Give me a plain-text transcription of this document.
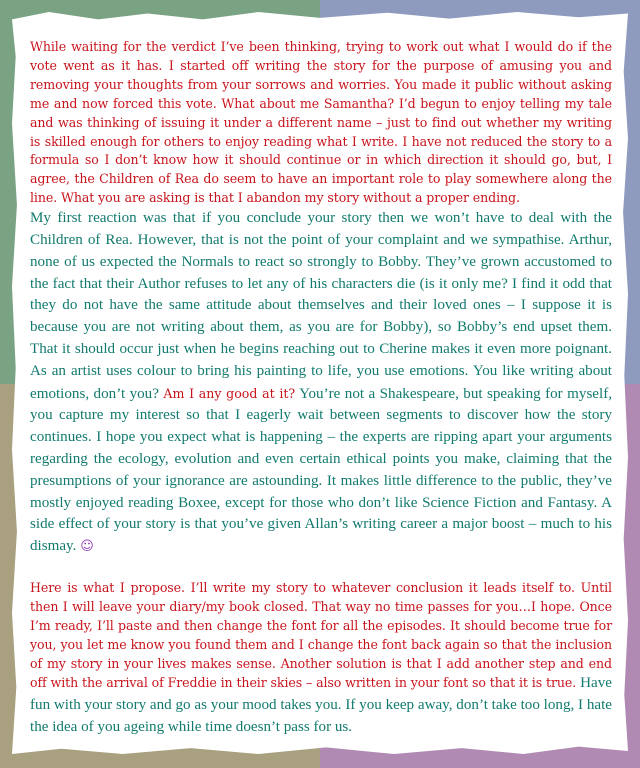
While waiting for the verdict I’ve been thinking, trying to work out what I would do if the vote went as it has. I started off writing the story for the purpose of amusing you and removing your thoughts from your sorrows and worries. You made it public without asking me and now forced this vote. What about me Samantha? I’d begun to enjoy telling my tale and was thinking of issuing it under a different name – just to find out whether my writing is skilled enough for others to enjoy reading what I write. I have not reduced the story to a formula so I don’t know how it should continue or in which direction it should go, but, I agree, the Children of Rea do seem to have an important role to play somewhere along the line. What you are asking is that I abandon my story without a proper ending.

My first reaction was that if you conclude your story then we won’t have to deal with the Children of Rea. However, that is not the point of your complaint and we sympathise. Arthur, none of us expected the Normals to react so strongly to Bobby. They’ve grown accustomed to the fact that their Author refuses to let any of his characters die (is it only me? I find it odd that they do not have the same attitude about themselves and their loved ones – I suppose it is because you are not writing about them, as you are for Bobby), so Bobby’s end upset them. That it should occur just when he begins reaching out to Cherine makes it even more poignant. As an artist uses colour to bring his painting to life, you use emotions. You like writing about emotions, don’t you? Am I any good at it? You’re not a Shakespeare, but speaking for myself, you capture my interest so that I eagerly wait between segments to discover how the story continues. I hope you expect what is happening – the experts are ripping apart your arguments regarding the ecology, evolution and even certain ethical points you make, claiming that the presumptions of your ignorance are astounding. It makes little difference to the public, they’ve mostly enjoyed reading Boxee, except for those who don’t like Science Fiction and Fantasy. A side effect of your story is that you’ve given Allan’s writing career a major boost – much to his dismay. ☺

Here is what I propose. I’ll write my story to whatever conclusion it leads itself to. Until then I will leave your diary/my book closed. That way no time passes for you…I hope. Once I’m ready, I’ll paste and then change the font for all the episodes. It should become true for you, you let me know you found them and I change the font back again so that the inclusion of my story in your lives makes sense. Another solution is that I add another step and end off with the arrival of Freddie in their skies – also written in your font so that it is true. Have fun with your story and go as your mood takes you. If you keep away, don’t take too long, I hate the idea of you ageing while time doesn’t pass for us.
